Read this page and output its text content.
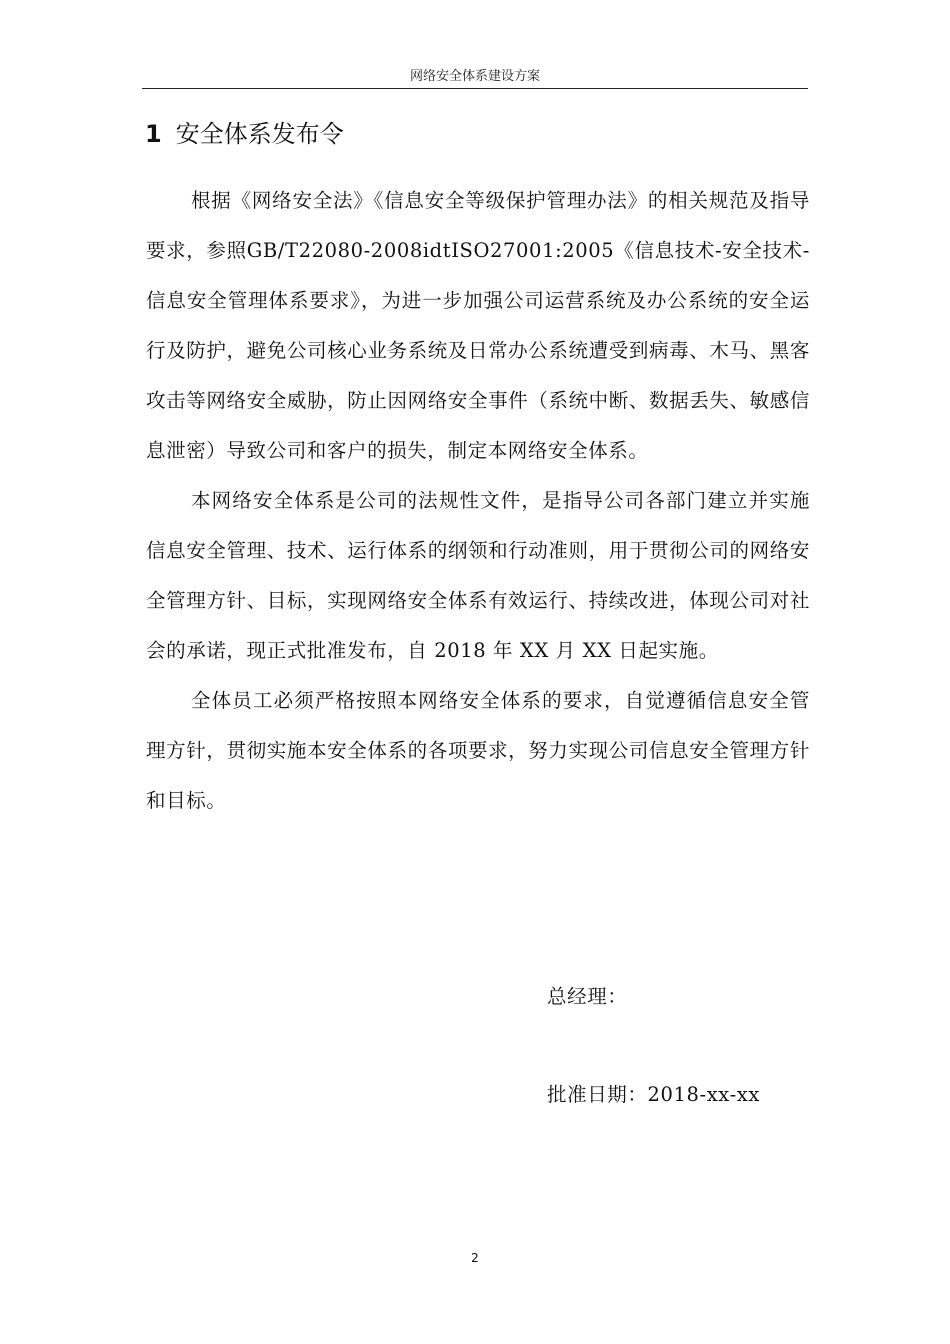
网络安全体系建设方案
1 安全体系发布令

根据《网络安全法》《信息安全等级保护管理办法》的相关规范及指导要求，参照GB/T22080-2008idtISO27001:2005《信息技术-安全技术-信息安全管理体系要求》，为进一步加强公司运营系统及办公系统的安全运行及防护，避免公司核心业务系统及日常办公系统遭受到病毒、木马、黑客攻击等网络安全威胁，防止因网络安全事件（系统中断、数据丢失、敏感信息泄密）导致公司和客户的损失，制定本网络安全体系。

本网络安全体系是公司的法规性文件，是指导公司各部门建立并实施信息安全管理、技术、运行体系的纲领和行动准则，用于贯彻公司的网络安全管理方针、目标，实现网络安全体系有效运行、持续改进，体现公司对社会的承诺，现正式批准发布，自 2018 年 XX 月 XX 日起实施。

全体员工必须严格按照本网络安全体系的要求，自觉遵循信息安全管理方针，贯彻实施本安全体系的各项要求，努力实现公司信息安全管理方针和目标。

总经理：
批准日期：2018-xx-xx
2
